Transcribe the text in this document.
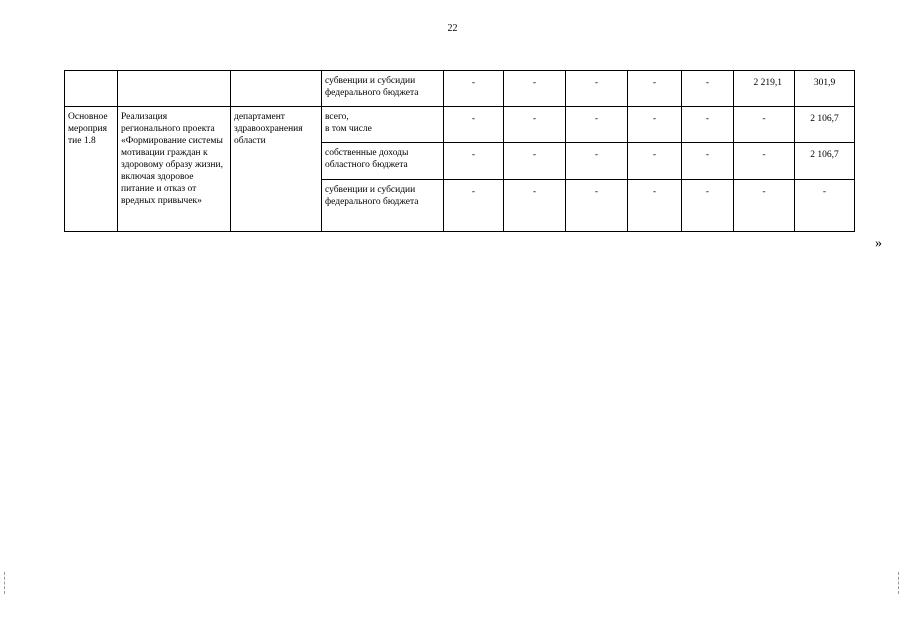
22
			субвенции и субсидии федерального бюджета	-	-	-	-	-	2 219,1	301,9
Основное мероприя тие 1.8	Реализация регионального проекта «Формирование системы мотивации граждан к здоровому образу жизни, включая здоровое питание и отказ от вредных привычек»	департамент здравоохранения области	всего,
в том числе	-	-	-	-	-	-	2 106,7
			собственные доходы областного бюджета	-	-	-	-	-	-	2 106,7
			субвенции и субсидии федерального бюджета	-	-	-	-	-	-	-
»
